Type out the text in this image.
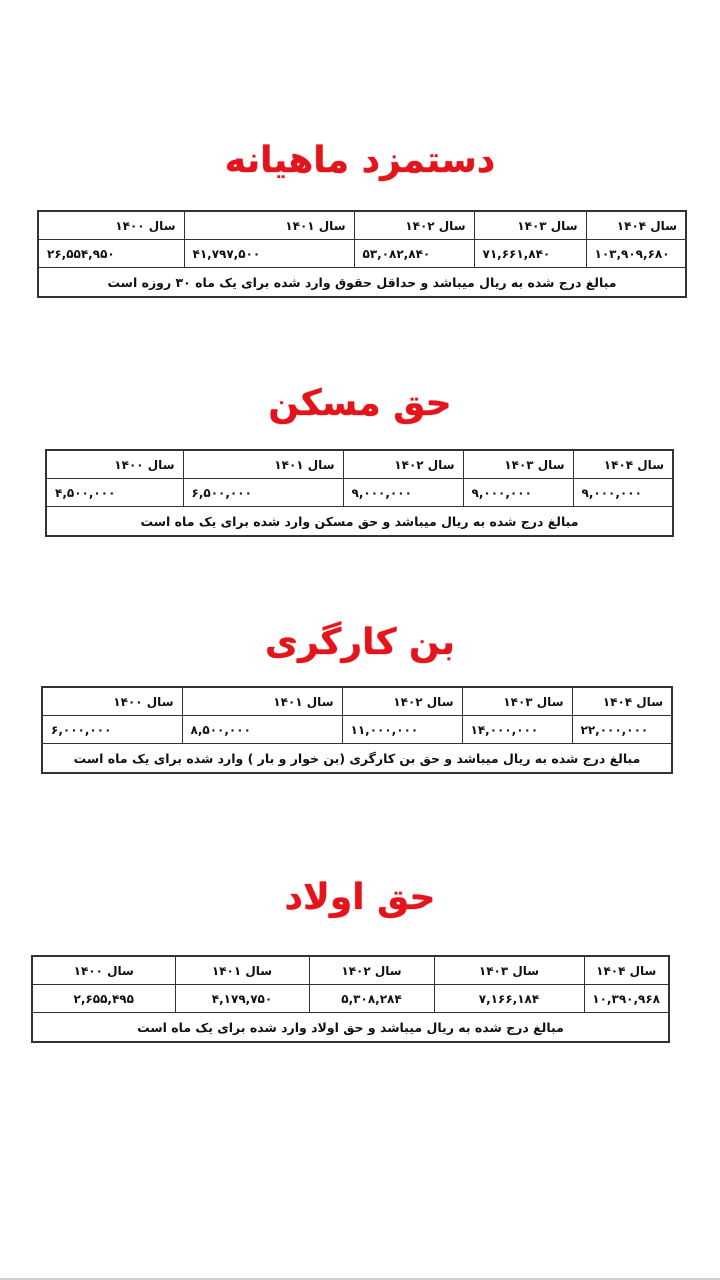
دستمزد ماهیانه
سال ۱۴۰۴	سال ۱۴۰۳	سال ۱۴۰۲	سال ۱۴۰۱	سال ۱۴۰۰
۱۰۳,۹۰۹,۶۸۰	۷۱,۶۶۱,۸۴۰	۵۳,۰۸۲,۸۴۰	۴۱,۷۹۷,۵۰۰	۲۶,۵۵۴,۹۵۰
مبالغ درج شده به ریال میباشد و حداقل حقوق وارد شده برای یک ماه ۳۰ روزه است				
حق مسکن
سال ۱۴۰۴	سال ۱۴۰۳	سال ۱۴۰۲	سال ۱۴۰۱	سال ۱۴۰۰
۹,۰۰۰,۰۰۰	۹,۰۰۰,۰۰۰	۹,۰۰۰,۰۰۰	۶,۵۰۰,۰۰۰	۴,۵۰۰,۰۰۰
مبالغ درج شده به ریال میباشد و حق مسکن وارد شده برای یک ماه است				
بن کارگری
سال ۱۴۰۴	سال ۱۴۰۳	سال ۱۴۰۲	سال ۱۴۰۱	سال ۱۴۰۰
۲۲,۰۰۰,۰۰۰	۱۴,۰۰۰,۰۰۰	۱۱,۰۰۰,۰۰۰	۸,۵۰۰,۰۰۰	۶,۰۰۰,۰۰۰
مبالغ درج شده به ریال میباشد و حق بن کارگری (بن خوار و بار ) وارد شده برای یک ماه است				
حق اولاد
سال ۱۴۰۴	سال ۱۴۰۳	سال ۱۴۰۲	سال ۱۴۰۱	سال ۱۴۰۰
۱۰,۳۹۰,۹۶۸	۷,۱۶۶,۱۸۴	۵,۳۰۸,۲۸۴	۴,۱۷۹,۷۵۰	۲,۶۵۵,۴۹۵
مبالغ درج شده به ریال میباشد و حق اولاد وارد شده برای یک ماه است				
